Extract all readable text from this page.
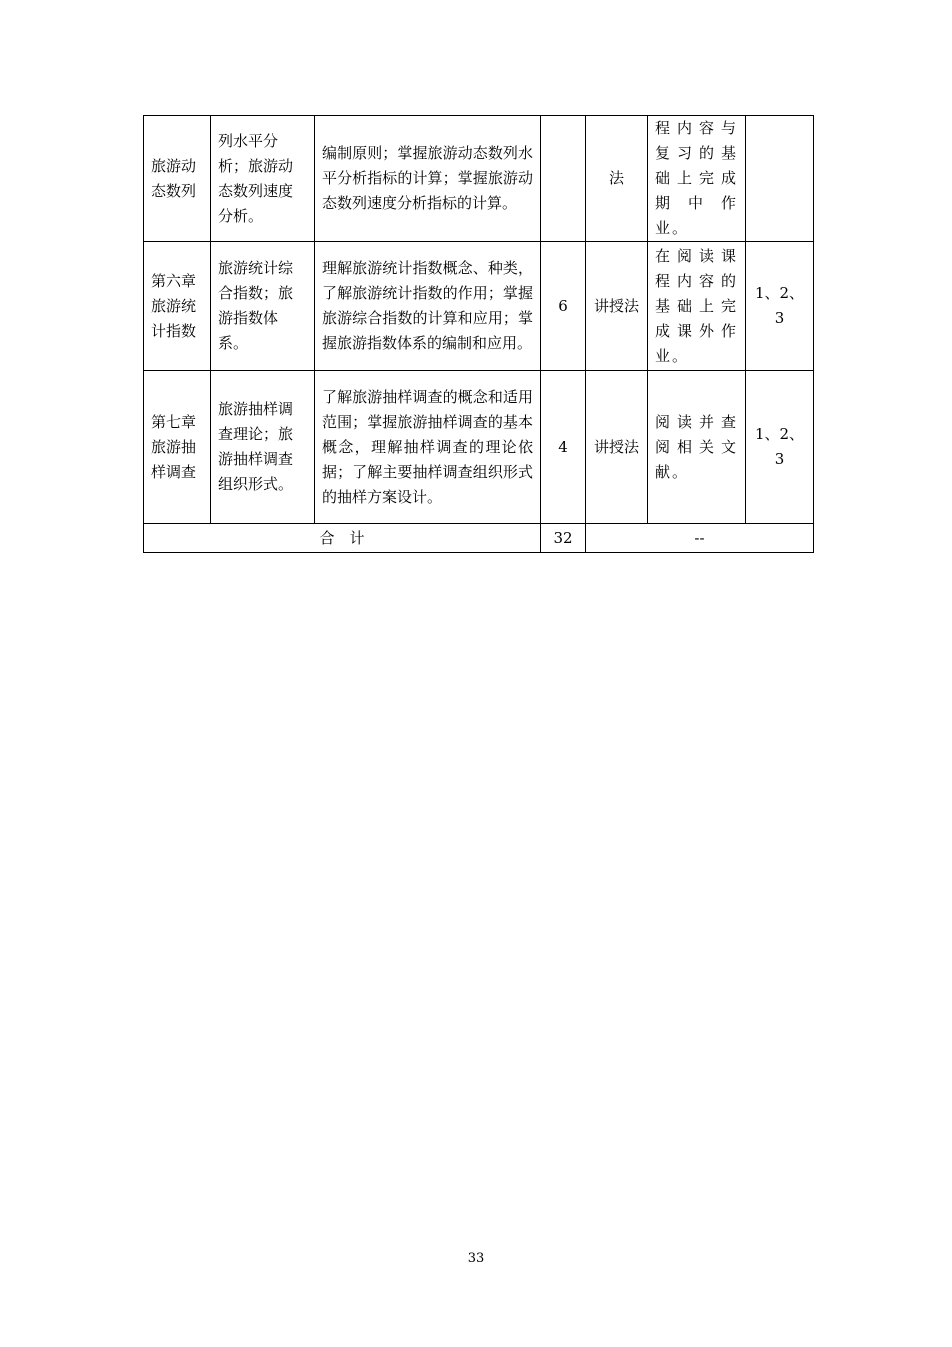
旅游动态数列	列水平分析；旅游动态数列速度分析。	编制原则；掌握旅游动态数列水平分析指标的计算；掌握旅游动态数列速度分析指标的计算。		法	程内容与复习的基础上完成期中作业。	
第六章旅游统计指数	旅游统计综合指数；旅游指数体系。	理解旅游统计指数概念、种类，了解旅游统计指数的作用；掌握旅游综合指数的计算和应用；掌握旅游指数体系的编制和应用。	6	讲授法	在阅读课程内容的基础上完成课外作业。	1、2、3
第七章旅游抽样调查	旅游抽样调查理论；旅游抽样调查组织形式。	了解旅游抽样调查的概念和适用范围；掌握旅游抽样调查的基本概念，理解抽样调查的理论依据；了解主要抽样调查组织形式的抽样方案设计。	4	讲授法	阅读并查阅相关文献。	1、2、3
合　计			32	--		
33
